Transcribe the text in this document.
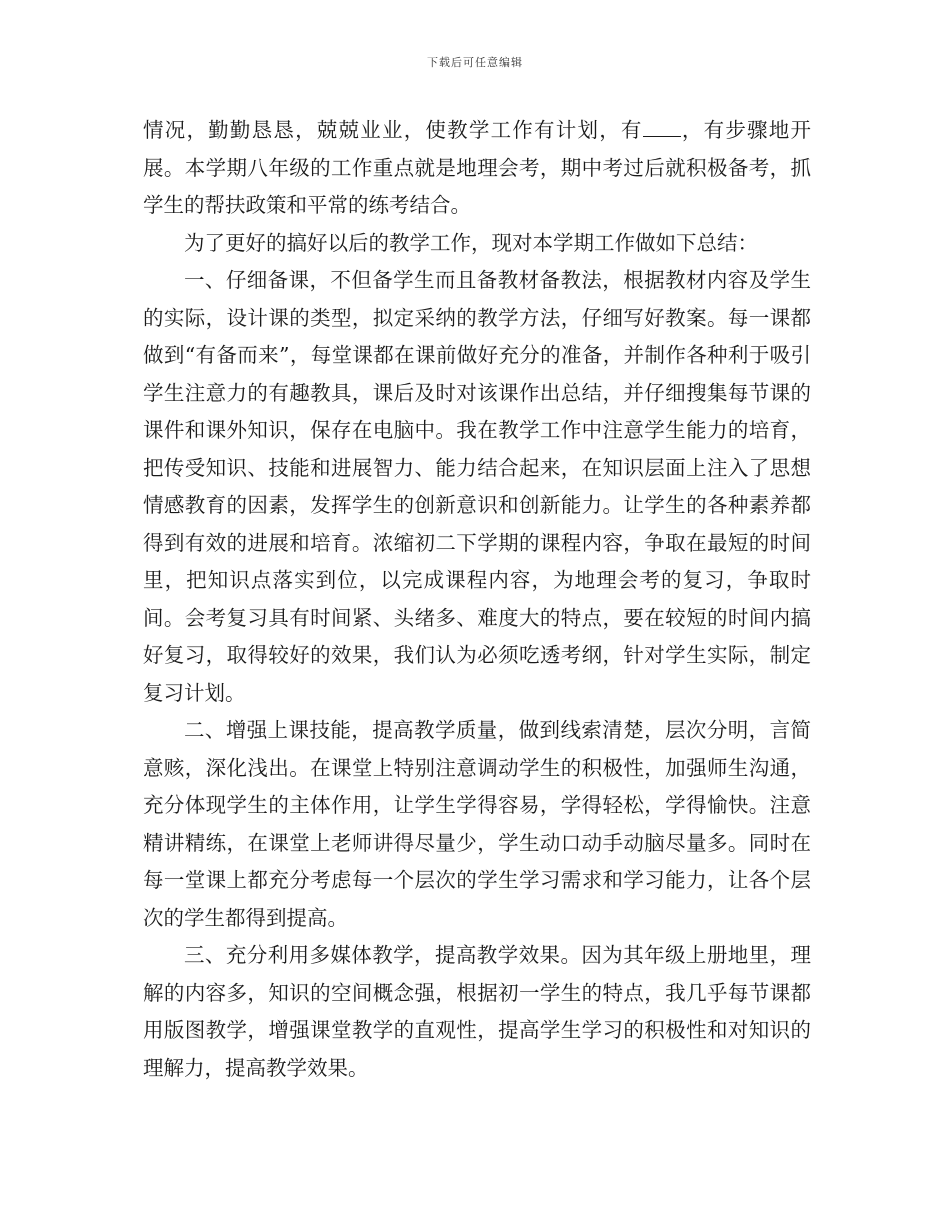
下载后可任意编辑

情况，勤勤恳恳，兢兢业业，使教学工作有计划，有 ，有步骤地开展。本学期八年级的工作重点就是地理会考，期中考过后就积极备考，抓学生的帮扶政策和平常的练考结合。

为了更好的搞好以后的教学工作，现对本学期工作做如下总结：

一、仔细备课，不但备学生而且备教材备教法，根据教材内容及学生的实际，设计课的类型，拟定采纳的教学方法，仔细写好教案。每一课都做到“有备而来”，每堂课都在课前做好充分的准备，并制作各种利于吸引学生注意力的有趣教具，课后及时对该课作出总结，并仔细搜集每节课的课件和课外知识，保存在电脑中。我在教学工作中注意学生能力的培育，把传受知识、技能和进展智力、能力结合起来，在知识层面上注入了思想情感教育的因素，发挥学生的创新意识和创新能力。让学生的各种素养都得到有效的进展和培育。浓缩初二下学期的课程内容，争取在最短的时间里，把知识点落实到位，以完成课程内容，为地理会考的复习，争取时间。会考复习具有时间紧、头绪多、难度大的特点，要在较短的时间内搞好复习，取得较好的效果，我们认为必须吃透考纲，针对学生实际，制定复习计划。

二、增强上课技能，提高教学质量，做到线索清楚，层次分明，言简意赅，深化浅出。在课堂上特别注意调动学生的积极性，加强师生沟通，充分体现学生的主体作用，让学生学得容易，学得轻松，学得愉快。注意精讲精练，在课堂上老师讲得尽量少，学生动口动手动脑尽量多。同时在每一堂课上都充分考虑每一个层次的学生学习需求和学习能力，让各个层次的学生都得到提高。

三、充分利用多媒体教学，提高教学效果。因为其年级上册地里，理解的内容多，知识的空间概念强，根据初一学生的特点，我几乎每节课都用版图教学，增强课堂教学的直观性，提高学生学习的积极性和对知识的理解力，提高教学效果。
